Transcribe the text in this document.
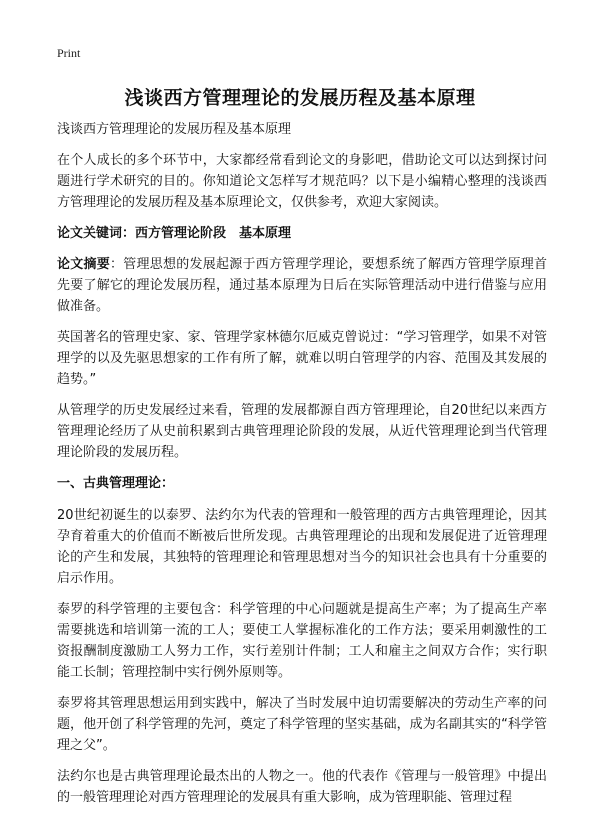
Print
浅谈西方管理理论的发展历程及基本原理

浅谈西方管理理论的发展历程及基本原理

在个人成长的多个环节中，大家都经常看到论文的身影吧，借助论文可以达到探讨问题进行学术研究的目的。你知道论文怎样写才规范吗？以下是小编精心整理的浅谈西方管理理论的发展历程及基本原理论文，仅供参考，欢迎大家阅读。

论文关键词：西方管理论阶段　基本原理

论文摘要：管理思想的发展起源于西方管理学理论，要想系统了解西方管理学原理首先要了解它的理论发展历程，通过基本原理为日后在实际管理活动中进行借鉴与应用做准备。

英国著名的管理史家、家、管理学家林德尔厄威克曾说过：“学习管理学，如果不对管理学的以及先驱思想家的工作有所了解，就难以明白管理学的内容、范围及其发展的趋势。”

从管理学的历史发展经过来看，管理的发展都源自西方管理理论，自20世纪以来西方管理理论经历了从史前积累到古典管理理论阶段的发展，从近代管理理论到当代管理理论阶段的发展历程。

一、古典管理理论：

20世纪初诞生的以泰罗、法约尔为代表的管理和一般管理的西方古典管理理论，因其孕育着重大的价值而不断被后世所发现。古典管理理论的出现和发展促进了近管理理论的产生和发展，其独特的管理理论和管理思想对当今的知识社会也具有十分重要的启示作用。

泰罗的科学管理的主要包含：科学管理的中心问题就是提高生产率；为了提高生产率需要挑选和培训第一流的工人；要使工人掌握标准化的工作方法；要采用刺激性的工资报酬制度激励工人努力工作，实行差别计件制；工人和雇主之间双方合作；实行职能工长制；管理控制中实行例外原则等。

泰罗将其管理思想运用到实践中，解决了当时发展中迫切需要解决的劳动生产率的问题，他开创了科学管理的先河，奠定了科学管理的坚实基础，成为名副其实的“科学管理之父”。

法约尔也是古典管理理论最杰出的人物之一。他的代表作《管理与一般管理》中提出的一般管理理论对西方管理理论的发展具有重大影响，成为管理职能、管理过程
